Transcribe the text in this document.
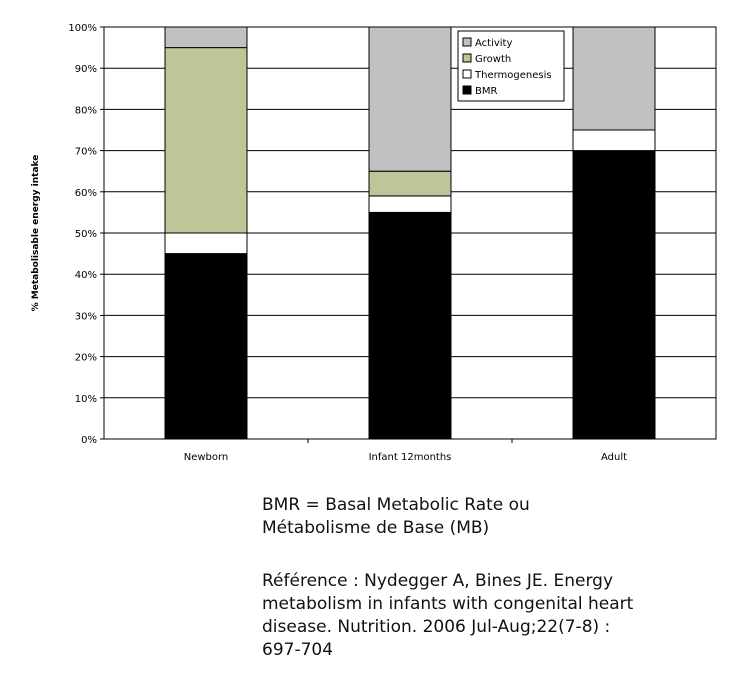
0%
10%
20%
30%
40%
50%
60%
70%
80%
90%
100%
Newborn	Infant 12months	Adult
% Metabolisable energy intake
Activity
Growth
Thermogenesis
BMR

BMR = Basal Metabolic Rate ou

Métabolisme de Base (MB)

Référence : Nydegger A, Bines JE. Energy

metabolism in infants with congenital heart

disease. Nutrition. 2006 Jul-Aug;22(7-8) :

697-704
